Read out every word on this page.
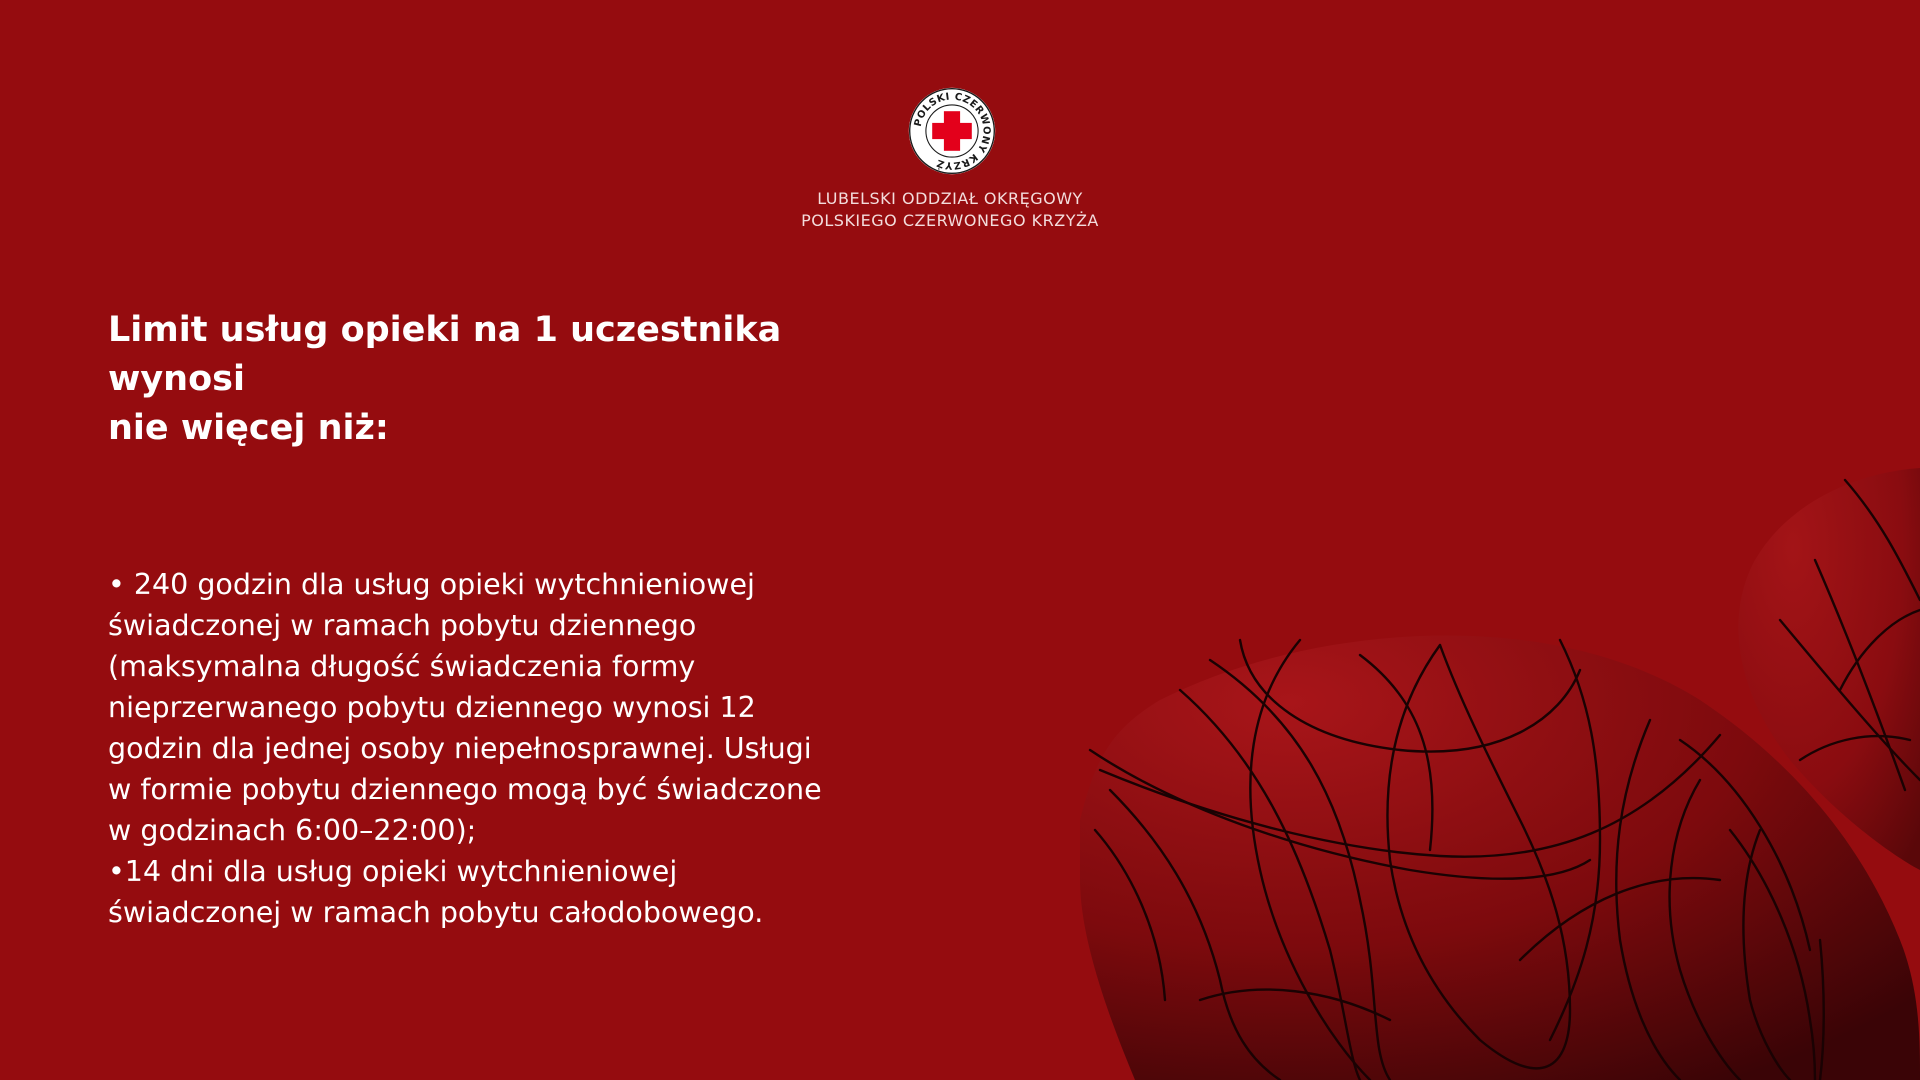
POLSKI CZERWONY KRZYŻ
LUBELSKI ODDZIAŁ OKRĘGOWY
POLSKIEGO CZERWONEGO KRZYŻA
Limit usług opieki na 1 uczestnika wynosi
nie więcej niż:
• 240 godzin dla usług opieki wytchnieniowej
świadczonej w ramach pobytu dziennego
(maksymalna długość świadczenia formy
nieprzerwanego pobytu dziennego wynosi 12
godzin dla jednej osoby niepełnosprawnej. Usługi
w formie pobytu dziennego mogą być świadczone
w godzinach 6:00–22:00);
•14 dni dla usług opieki wytchnieniowej
świadczonej w ramach pobytu całodobowego.
